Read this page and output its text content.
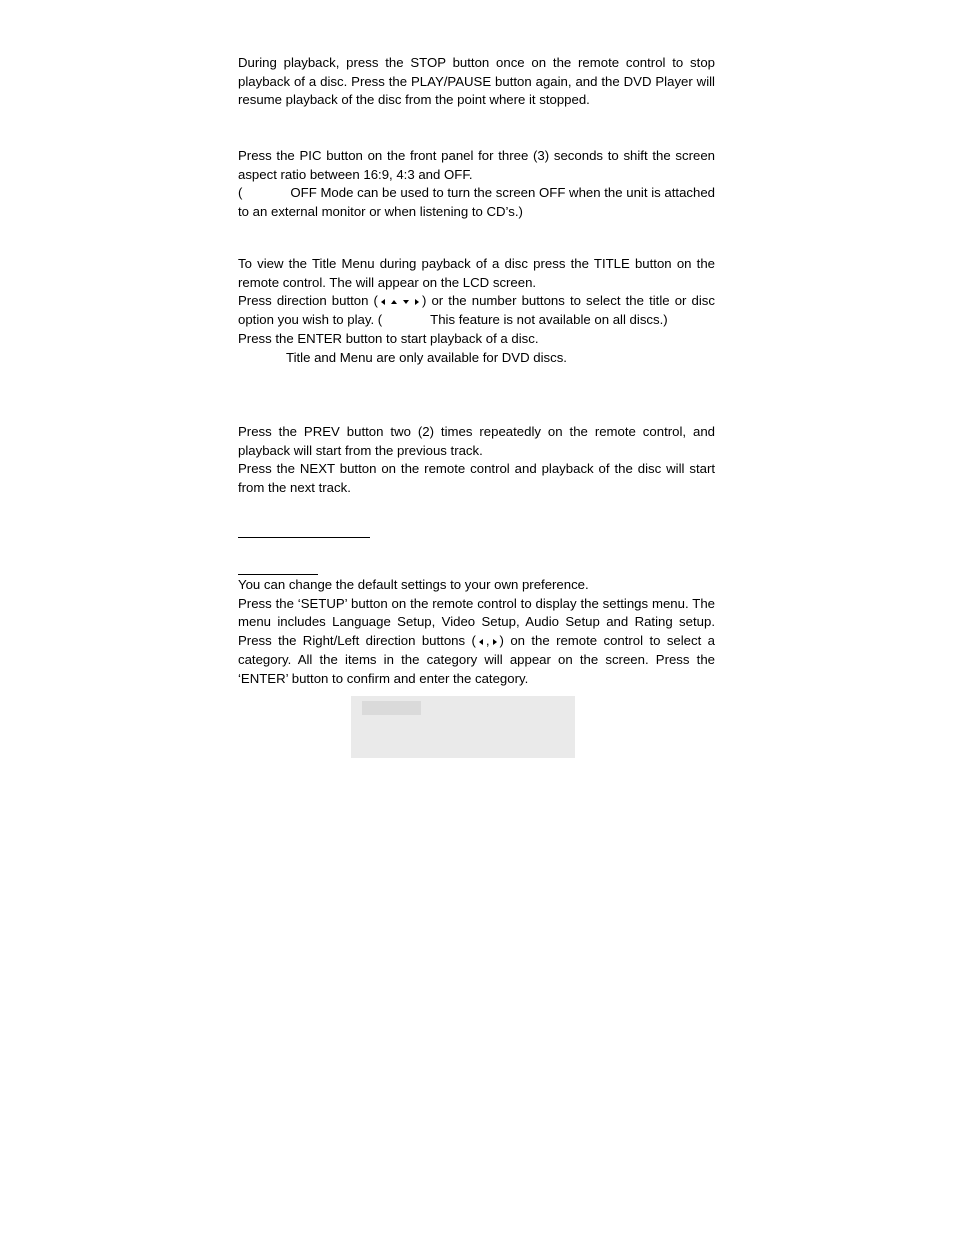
During playback, press the STOP button once on the remote control to stop playback of a disc. Press the PLAY/PAUSE button again, and the DVD Player will resume playback of the disc from the point where it stopped.

Press the PIC button on the front panel for three (3) seconds to shift the screen aspect ratio between 16:9, 4:3 and OFF.

(	OFF Mode can be used to turn the screen OFF when the unit is attached to an external monitor or when listening to CD’s.)

To view the Title Menu during payback of a disc press the TITLE button on the remote control. The will appear on the LCD screen.

Press direction button (	) or the number buttons to select the title or disc option you wish to play. (	This feature is not available on all discs.)

Press the ENTER button to start playback of a disc.

Title and Menu are only available for DVD discs.

Press the PREV button two (2) times repeatedly on the remote control, and playback will start from the previous track.

Press the NEXT button on the remote control and playback of the disc will start from the next track.

You can change the default settings to your own preference.

Press the ‘SETUP’ button on the remote control to display the settings menu. The menu includes Language Setup, Video Setup, Audio Setup and Rating setup. Press the Right/Left direction buttons ( , ) on the remote control to select a category. All the items in the category will appear on the screen. Press the ‘ENTER’ button to confirm and enter the category.
